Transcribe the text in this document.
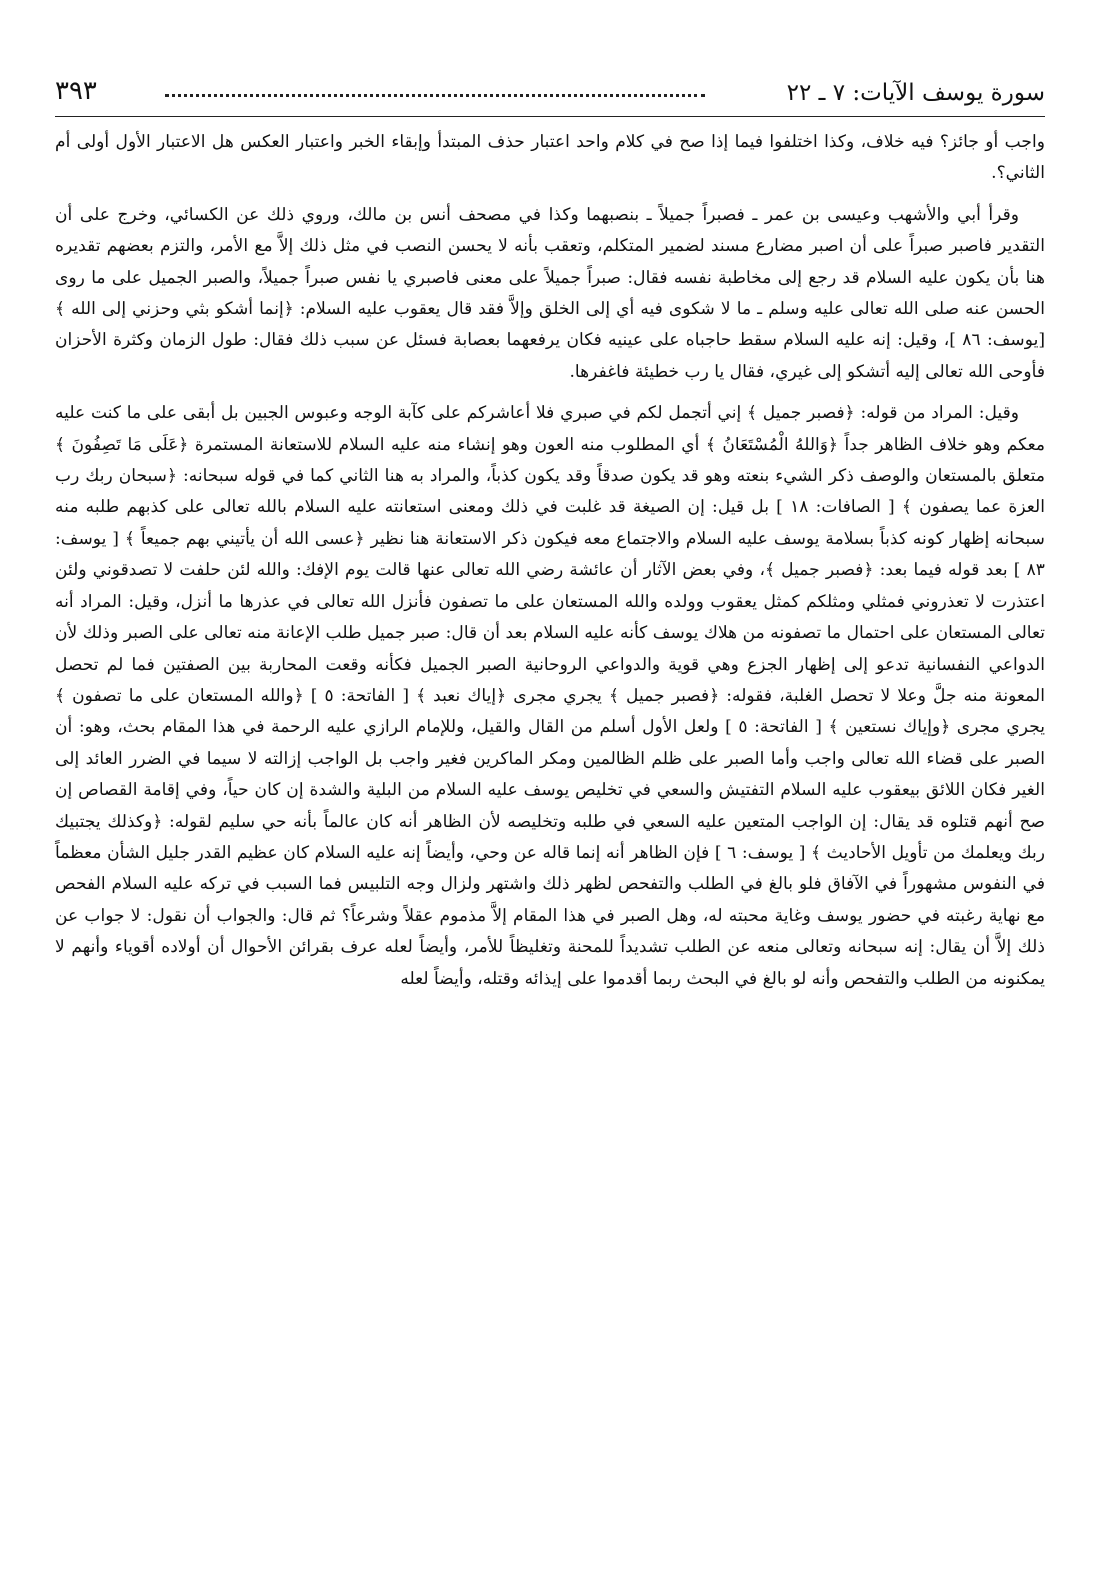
سورة يوسف الآيات: ٧ ـ ٢٢
٣٩٣

واجب أو جائز؟ فيه خلاف، وكذا اختلفوا فيما إذا صح في كلام واحد اعتبار حذف المبتدأ وإبقاء الخبر واعتبار العكس هل الاعتبار الأول أولى أم الثاني؟.

وقرأ أبي والأشهب وعيسى بن عمر ـ فصبراً جميلاً ـ بنصبهما وكذا في مصحف أنس بن مالك، وروي ذلك عن الكسائي، وخرج على أن التقدير فاصبر صبراً على أن اصبر مضارع مسند لضمير المتكلم، وتعقب بأنه لا يحسن النصب في مثل ذلك إلاَّ مع الأمر، والتزم بعضهم تقديره هنا بأن يكون عليه السلام قد رجع إلى مخاطبة نفسه فقال: صبراً جميلاً على معنى فاصبري يا نفس صبراً جميلاً، والصبر الجميل على ما روى الحسن عنه صلى الله تعالى عليه وسلم ـ ما لا شكوى فيه أي إلى الخلق وإلاَّ فقد قال يعقوب عليه السلام: ﴿إنما أشكو بثي وحزني إلى الله ﴾ [يوسف: ٨٦ ]، وقيل: إنه عليه السلام سقط حاجباه على عينيه فكان يرفعهما بعصابة فسئل عن سبب ذلك فقال: طول الزمان وكثرة الأحزان فأوحى الله تعالى إليه أتشكو إلى غيري، فقال يا رب خطيئة فاغفرها.

وقيل: المراد من قوله: ﴿فصبر جميل ﴾ إني أتجمل لكم في صبري فلا أعاشركم على كآبة الوجه وعبوس الجبين بل أبقى على ما كنت عليه معكم وهو خلاف الظاهر جداً ﴿وَاللهُ الْمُسْتَعَانُ ﴾ أي المطلوب منه العون وهو إنشاء منه عليه السلام للاستعانة المستمرة ﴿عَلَى مَا تَصِفُونَ ﴾ متعلق بالمستعان والوصف ذكر الشيء بنعته وهو قد يكون صدقاً وقد يكون كذباً، والمراد به هنا الثاني كما في قوله سبحانه: ﴿سبحان ربك رب العزة عما يصفون ﴾ [ الصافات: ١٨ ] بل قيل: إن الصيغة قد غلبت في ذلك ومعنى استعانته عليه السلام بالله تعالى على كذبهم طلبه منه سبحانه إظهار كونه كذباً بسلامة يوسف عليه السلام والاجتماع معه فيكون ذكر الاستعانة هنا نظير ﴿عسى الله أن يأتيني بهم جميعاً ﴾ [ يوسف: ٨٣ ] بعد قوله فيما بعد: ﴿فصبر جميل ﴾، وفي بعض الآثار أن عائشة رضي الله تعالى عنها قالت يوم الإفك: والله لئن حلفت لا تصدقوني ولئن اعتذرت لا تعذروني فمثلي ومثلكم كمثل يعقوب وولده والله المستعان على ما تصفون فأنزل الله تعالى في عذرها ما أنزل، وقيل: المراد أنه تعالى المستعان على احتمال ما تصفونه من هلاك يوسف كأنه عليه السلام بعد أن قال: صبر جميل طلب الإعانة منه تعالى على الصبر وذلك لأن الدواعي النفسانية تدعو إلى إظهار الجزع وهي قوية والدواعي الروحانية الصبر الجميل فكأنه وقعت المحاربة بين الصفتين فما لم تحصل المعونة منه جلَّ وعلا لا تحصل الغلبة، فقوله: ﴿فصبر جميل ﴾ يجري مجرى ﴿إياك نعبد ﴾ [ الفاتحة: ٥ ] ﴿والله المستعان على ما تصفون ﴾ يجري مجرى ﴿وإياك نستعين ﴾ [ الفاتحة: ٥ ] ولعل الأول أسلم من القال والقيل، وللإمام الرازي عليه الرحمة في هذا المقام بحث، وهو: أن الصبر على قضاء الله تعالى واجب وأما الصبر على ظلم الظالمين ومكر الماكرين فغير واجب بل الواجب إزالته لا سيما في الضرر العائد إلى الغير فكان اللائق بيعقوب عليه السلام التفتيش والسعي في تخليص يوسف عليه السلام من البلية والشدة إن كان حياً، وفي إقامة القصاص إن صح أنهم قتلوه قد يقال: إن الواجب المتعين عليه السعي في طلبه وتخليصه لأن الظاهر أنه كان عالماً بأنه حي سليم لقوله: ﴿وكذلك يجتبيك ربك ويعلمك من تأويل الأحاديث ﴾ [ يوسف: ٦ ] فإن الظاهر أنه إنما قاله عن وحي، وأيضاً إنه عليه السلام كان عظيم القدر جليل الشأن معظماً في النفوس مشهوراً في الآفاق فلو بالغ في الطلب والتفحص لظهر ذلك واشتهر ولزال وجه التلبيس فما السبب في تركه عليه السلام الفحص مع نهاية رغبته في حضور يوسف وغاية محبته له، وهل الصبر في هذا المقام إلاَّ مذموم عقلاً وشرعاً؟ ثم قال: والجواب أن نقول: لا جواب عن ذلك إلاَّ أن يقال: إنه سبحانه وتعالى منعه عن الطلب تشديداً للمحنة وتغليظاً للأمر، وأيضاً لعله عرف بقرائن الأحوال أن أولاده أقوياء وأنهم لا يمكنونه من الطلب والتفحص وأنه لو بالغ في البحث ربما أقدموا على إيذائه وقتله، وأيضاً لعله
